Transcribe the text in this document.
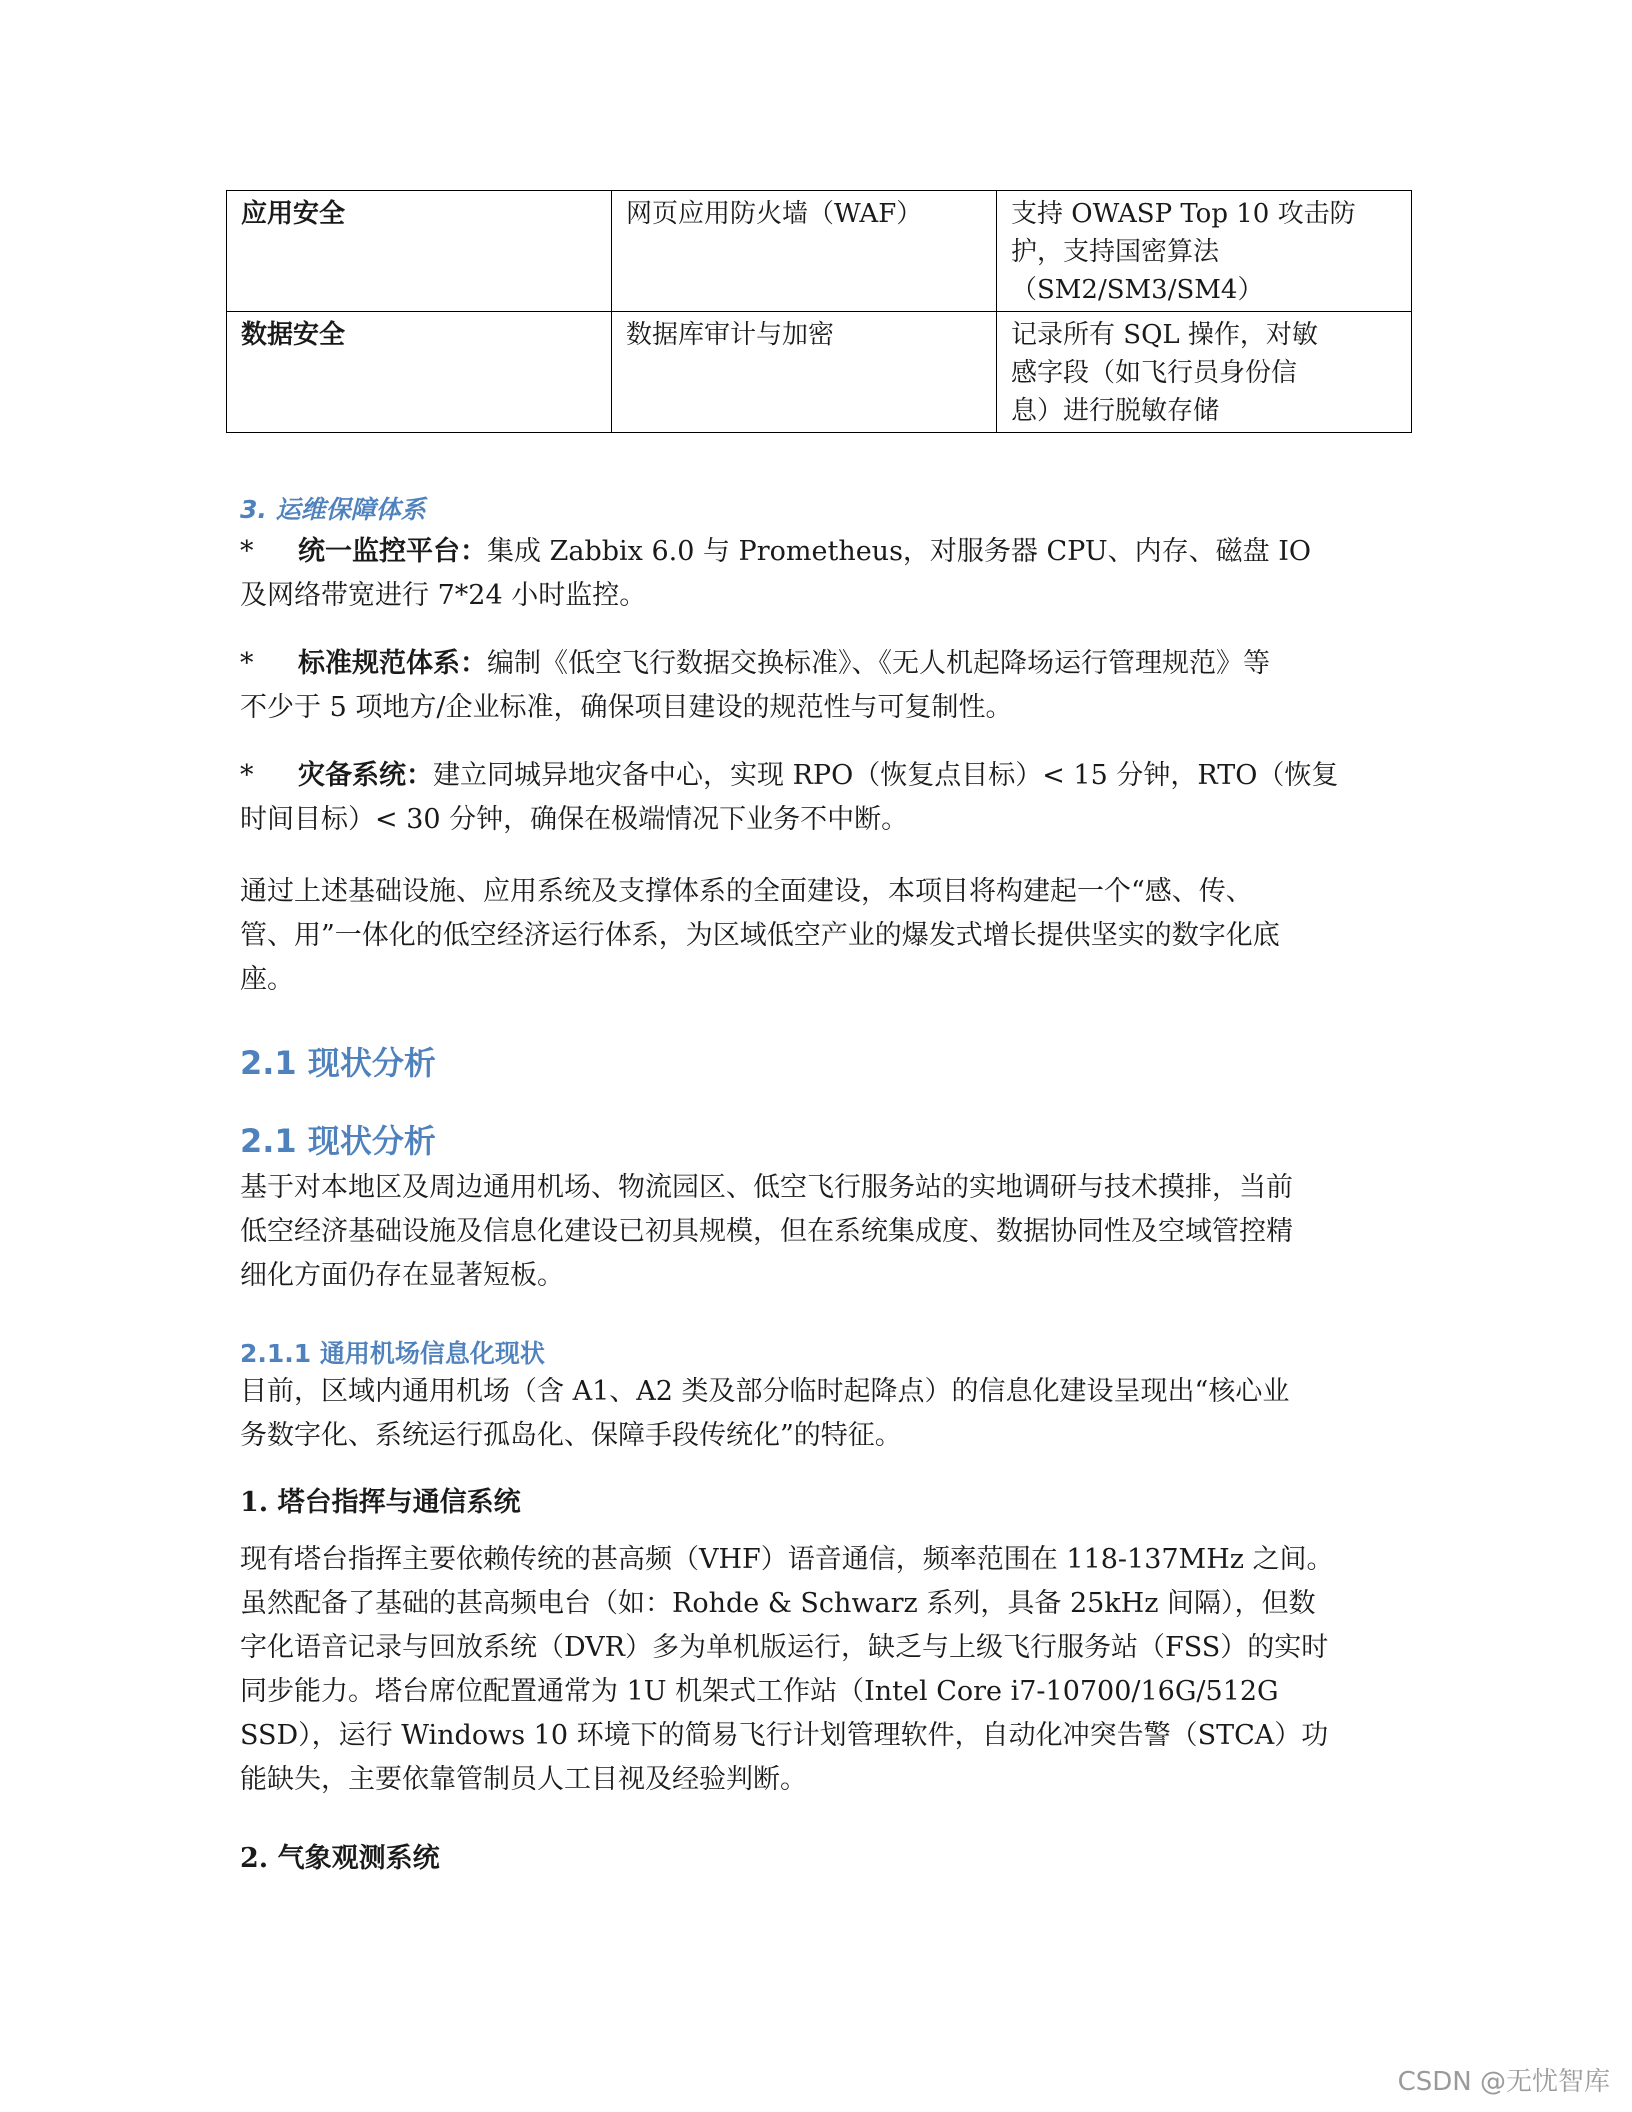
应用安全	网页应用防火墙（WAF）	支持 OWASP Top 10 攻击防
护，支持国密算法
（SM2/SM3/SM4）

数据安全	数据库审计与加密	记录所有 SQL 操作，对敏
感字段（如飞行员身份信
息）进行脱敏存储
3. 运维保障体系

* 统一监控平台：集成 Zabbix 6.0 与 Prometheus，对服务器 CPU、内存、磁盘 IO

及网络带宽进行 7*24 小时监控。

* 标准规范体系：编制《低空飞行数据交换标准》、《无人机起降场运行管理规范》等

不少于 5 项地方/企业标准，确保项目建设的规范性与可复制性。

* 灾备系统：建立同城异地灾备中心，实现 RPO（恢复点目标）< 15 分钟，RTO（恢复

时间目标）< 30 分钟，确保在极端情况下业务不中断。

通过上述基础设施、应用系统及支撑体系的全面建设，本项目将构建起一个“感、传、

管、用”一体化的低空经济运行体系，为区域低空产业的爆发式增长提供坚实的数字化底

座。

2.1 现状分析
2.1 现状分析

基于对本地区及周边通用机场、物流园区、低空飞行服务站的实地调研与技术摸排，当前

低空经济基础设施及信息化建设已初具规模，但在系统集成度、数据协同性及空域管控精

细化方面仍存在显著短板。

2.1.1 通用机场信息化现状

目前，区域内通用机场（含 A1、A2 类及部分临时起降点）的信息化建设呈现出“核心业

务数字化、系统运行孤岛化、保障手段传统化”的特征。

1. 塔台指挥与通信系统

现有塔台指挥主要依赖传统的甚高频（VHF）语音通信，频率范围在 118-137MHz 之间。

虽然配备了基础的甚高频电台（如：Rohde & Schwarz 系列，具备 25kHz 间隔），但数

字化语音记录与回放系统（DVR）多为单机版运行，缺乏与上级飞行服务站（FSS）的实时

同步能力。塔台席位配置通常为 1U 机架式工作站（Intel Core i7-10700/16G/512G

SSD），运行 Windows 10 环境下的简易飞行计划管理软件，自动化冲突告警（STCA）功

能缺失，主要依靠管制员人工目视及经验判断。

2. 气象观测系统
CSDN @无忧智库
